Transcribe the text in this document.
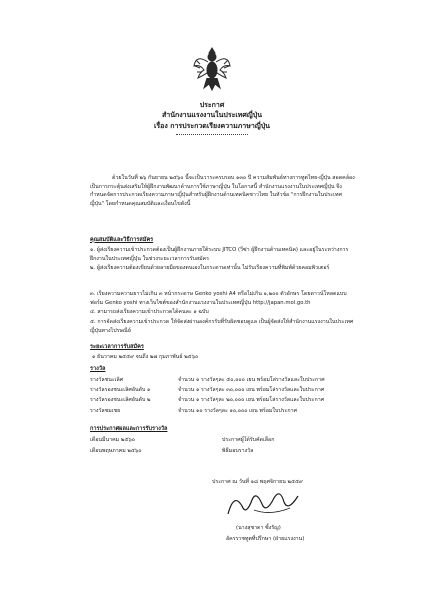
ประกาศ
สำนักงานแรงงานในประเทศญี่ปุ่น
เรื่อง การประกวดเรียงความภาษาญี่ปุ่น
ด้วยในวันที่ ๒๖ กันยายน ๒๕๖๐ นี้จะเป็นวาระครบรอบ ๑๓๐ ปี ความสัมพันธ์ทางการทูตไทย-ญี่ปุ่น สอดคล้องเป็นการกระตุ้นส่งเสริมให้ผู้ฝึกงานพัฒนาด้านการใช้ภาษาญี่ปุ่น ในโอกาสนี้ สำนักงานแรงงานในประเทศญี่ปุ่น จึงกำหนดจัดการประกวดเรียงความภาษาญี่ปุ่นสำหรับผู้ฝึกงานด้านเทคนิคชาวไทย ในหัวข้อ "การฝึกงานในประเทศญี่ปุ่น" โดยกำหนดคุณสมบัติและเงื่อนไขดังนี้
คุณสมบัติและวิธีการสมัคร
๑. ผู้ส่งเรียงความเข้าประกวดต้องเป็นผู้ฝึกงานภายใต้ระบบ JITCO (วีซ่า ผู้ฝึกงานด้านเทคนิค) และอยู่ในระหว่างการฝึกงานในประเทศญี่ปุ่น ในช่วงระยะเวลาการรับสมัคร
๒. ผู้ส่งเรียงความต้องเขียนด้วยลายมือของตนเองในกระดาษเท่านั้น ไม่รับเรียงความที่พิมพ์ด้วยคอมพิวเตอร์
๓. เรียงความความยาวไม่เกิน ๓ หน้ากระดาษ Genko yoshi A4 หรือไม่เกิน ๑,๒๐๐ ตัวอักษร โดยดาวน์โหลดแบบฟอร์ม Genko yoshi ทางเว็บไซต์ของสำนักงานแรงงานในประเทศญี่ปุ่น http://japan.mol.go.th
๔. สามารถส่งเรียงความเข้าประกวดได้คนละ ๑ ฉบับ
๕. การจัดส่งเรียงความเข้าประกวด ให้จัดส่งผ่านองค์กรรับที่รับผิดชอบดูแล เป็นผู้จัดส่งให้สำนักงานแรงงานในประเทศญี่ปุ่นทางไปรษณีย์
ระยะเวลาการรับสมัคร
๑ ธันวาคม ๒๕๕๙ จนถึง ๒๗ กุมภาพันธ์ ๒๕๖๐
รางวัล
รางวัลชนะเลิศ	จำนวน ๑ รางวัลๆละ ๕๐,๐๐๐ เยน พร้อมโล่รางวัลและใบประกาศ
รางวัลรองชนะเลิศอันดับ ๑	จำนวน ๑ รางวัลๆละ ๓๐,๐๐๐ เยน พร้อมโล่รางวัลและใบประกาศ
รางวัลรองชนะเลิศอันดับ ๒	จำนวน ๑ รางวัลๆละ ๒๐,๐๐๐ เยน พร้อมโล่รางวัลและใบประกาศ
รางวัลชมเชย	จำนวน ๑๐ รางวัลๆละ ๑๐,๐๐๐ เยน พร้อมใบประกาศ
การประกาศผลและการรับรางวัล
เดือนมีนาคม ๒๕๖๐	ประกาศผู้ได้รับคัดเลือก
เดือนพฤษภาคม ๒๕๖๐	พิธีมอบรางวัล
ประกาศ ณ วันที่ ๑๘ พฤศจิกายน ๒๕๕๙
(นางสุชาดา ซิ้งรัญ)
อัครราชทูตที่ปรึกษา (ฝ่ายแรงงาน)
